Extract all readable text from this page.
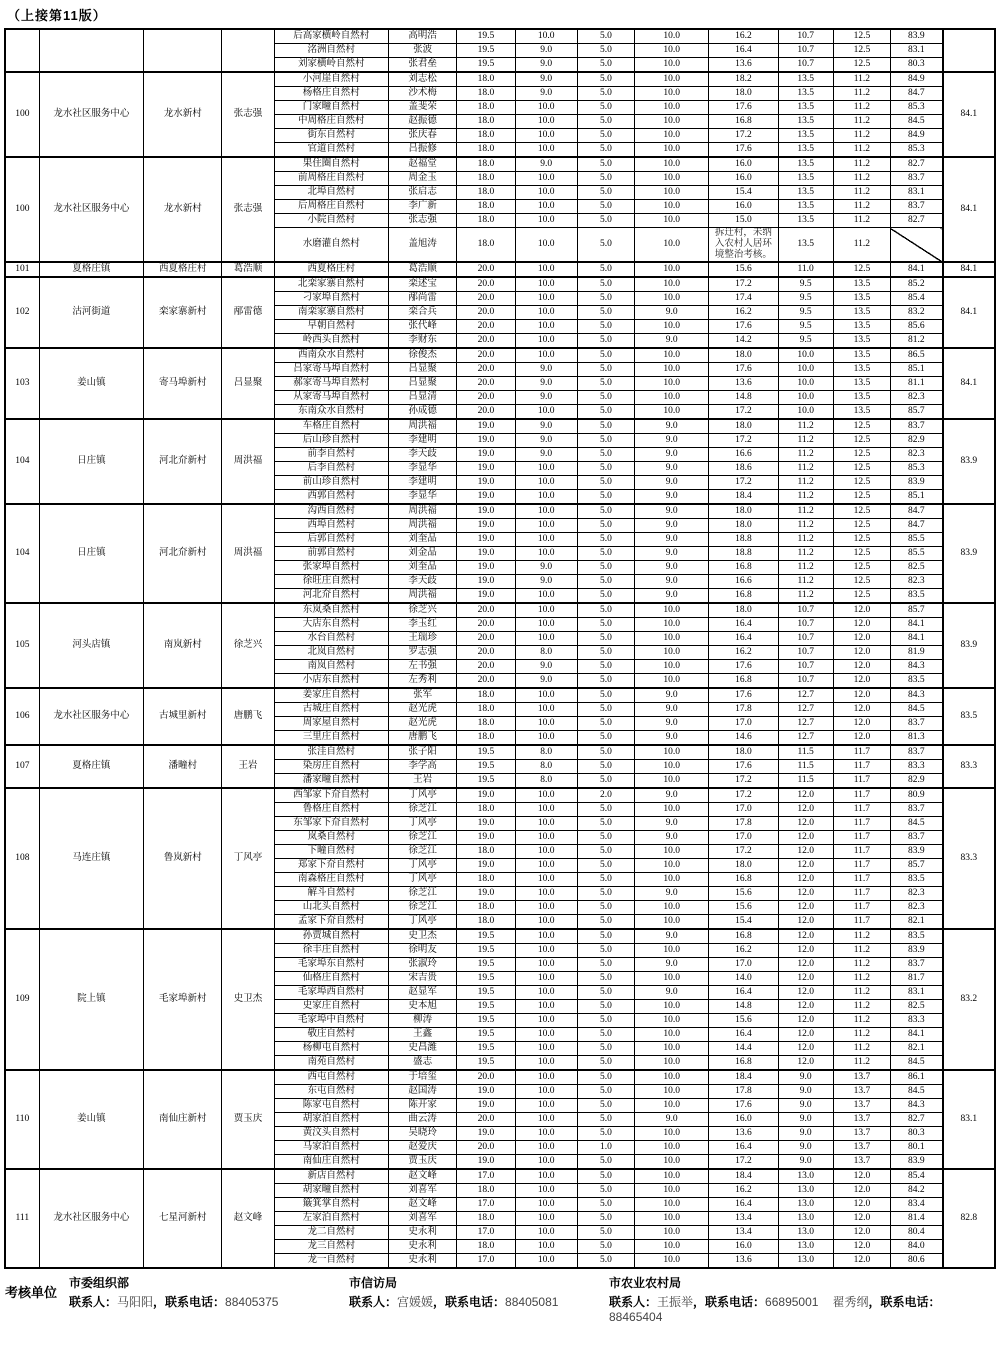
（上接第11版）
				后高家横岭自然村	高明浩	19.5	10.0	5.0	10.0	16.2	10.7	12.5	83.9	
				洺洲自然村	张波	19.5	9.0	5.0	10.0	16.4	10.7	12.5	83.1	
				刘家横岭自然村	张君垒	19.5	9.0	5.0	10.0	13.6	10.7	12.5	80.3	
100	龙水社区服务中心	龙水新村	张志强	小河崖自然村	刘志松	18.0	9.0	5.0	10.0	18.2	13.5	11.2	84.9	84.1
				杨格庄自然村	沙术梅	18.0	9.0	5.0	10.0	18.0	13.5	11.2	84.7	
				门家疃自然村	盖斐荣	18.0	10.0	5.0	10.0	17.6	13.5	11.2	85.3	
				中周格庄自然村	赵振德	18.0	10.0	5.0	10.0	16.8	13.5	11.2	84.5	
				街东自然村	张庆春	18.0	10.0	5.0	10.0	17.2	13.5	11.2	84.9	
				官道自然村	吕振修	18.0	10.0	5.0	10.0	17.6	13.5	11.2	85.3	
100	龙水社区服务中心	龙水新村	张志强	果住圈自然村	赵福堂	18.0	9.0	5.0	10.0	16.0	13.5	11.2	82.7	84.1
				前周格庄自然村	周金玉	18.0	10.0	5.0	10.0	16.0	13.5	11.2	83.7	
				北埠自然村	张启志	18.0	10.0	5.0	10.0	15.4	13.5	11.2	83.1	
				后周格庄自然村	李广新	18.0	10.0	5.0	10.0	16.0	13.5	11.2	83.7	
				小院自然村	张志强	18.0	10.0	5.0	10.0	15.0	13.5	11.2	82.7	
				水磨灌自然村	盖旭涛	18.0	10.0	5.0	10.0	拆迁村，未纳入农村人居环境整治考核。	13.5	11.2		
101	夏格庄镇	西夏格庄村	葛浩顺	西夏格庄村	葛浩顺	20.0	10.0	5.0	10.0	15.6	11.0	12.5	84.1	84.1
102	沽河街道	栾家寨新村	邴雷德	北栾家寨自然村	栾述宝	20.0	10.0	5.0	10.0	17.2	9.5	13.5	85.2	84.1
				刁家埠自然村	邴尚雷	20.0	10.0	5.0	10.0	17.4	9.5	13.5	85.4	
				南栾家寨自然村	栾合兵	20.0	10.0	5.0	9.0	16.2	9.5	13.5	83.2	
				早朝自然村	张代峰	20.0	10.0	5.0	10.0	17.6	9.5	13.5	85.6	
				岭西头自然村	李财东	20.0	10.0	5.0	9.0	14.2	9.5	13.5	81.2	
103	姜山镇	寄马埠新村	吕显聚	西南众水自然村	徐俊杰	20.0	10.0	5.0	10.0	18.0	10.0	13.5	86.5	84.1
				吕家寄马埠自然村	吕显聚	20.0	9.0	5.0	10.0	17.6	10.0	13.5	85.1	
				郝家寄马埠自然村	吕显聚	20.0	9.0	5.0	10.0	13.6	10.0	13.5	81.1	
				从家寄马埠自然村	吕显清	20.0	9.0	5.0	10.0	14.8	10.0	13.5	82.3	
				东南众水自然村	孙成德	20.0	10.0	5.0	10.0	17.2	10.0	13.5	85.7	
104	日庄镇	河北夼新村	周洪福	车格庄自然村	周洪福	19.0	9.0	5.0	9.0	18.0	11.2	12.5	83.7	83.9
				后山珍自然村	李建明	19.0	9.0	5.0	9.0	17.2	11.2	12.5	82.9	
				前李自然村	李天歧	19.0	9.0	5.0	9.0	16.6	11.2	12.5	82.3	
				后李自然村	李显华	19.0	10.0	5.0	9.0	18.6	11.2	12.5	85.3	
				前山珍自然村	李建明	19.0	10.0	5.0	9.0	17.2	11.2	12.5	83.9	
				西郭自然村	李显华	19.0	10.0	5.0	9.0	18.4	11.2	12.5	85.1	
104	日庄镇	河北夼新村	周洪福	沟西自然村	周洪福	19.0	10.0	5.0	9.0	18.0	11.2	12.5	84.7	83.9
				西埠自然村	周洪福	19.0	10.0	5.0	9.0	18.0	11.2	12.5	84.7	
				后郭自然村	刘奎品	19.0	10.0	5.0	9.0	18.8	11.2	12.5	85.5	
				前郭自然村	刘金品	19.0	10.0	5.0	9.0	18.8	11.2	12.5	85.5	
				张家埠自然村	刘奎品	19.0	9.0	5.0	9.0	16.8	11.2	12.5	82.5	
				徐旺庄自然村	李天歧	19.0	9.0	5.0	9.0	16.6	11.2	12.5	82.3	
				河北夼自然村	周洪福	19.0	10.0	5.0	9.0	16.8	11.2	12.5	83.5	
105	河头店镇	南岚新村	徐芝兴	东岚桑自然村	徐芝兴	20.0	10.0	5.0	10.0	18.0	10.7	12.0	85.7	83.9
				大店东自然村	李玉红	20.0	10.0	5.0	10.0	16.4	10.7	12.0	84.1	
				水台自然村	王瑞珍	20.0	10.0	5.0	10.0	16.4	10.7	12.0	84.1	
				北岚自然村	罗志强	20.0	8.0	5.0	10.0	16.2	10.7	12.0	81.9	
				南岚自然村	左书强	20.0	9.0	5.0	10.0	17.6	10.7	12.0	84.3	
				小店东自然村	左秀利	20.0	9.0	5.0	10.0	16.8	10.7	12.0	83.5	
106	龙水社区服务中心	古城里新村	唐鹏飞	姜家庄自然村	张军	18.0	10.0	5.0	9.0	17.6	12.7	12.0	84.3	83.5
				古城庄自然村	赵光虎	18.0	10.0	5.0	9.0	17.8	12.7	12.0	84.5	
				周家屋自然村	赵光虎	18.0	10.0	5.0	9.0	17.0	12.7	12.0	83.7	
				三里庄自然村	唐鹏飞	18.0	10.0	5.0	9.0	14.6	12.7	12.0	81.3	
107	夏格庄镇	潘疃村	王岩	张洼自然村	张子阳	19.5	8.0	5.0	10.0	18.0	11.5	11.7	83.7	83.3
				染房庄自然村	李学高	19.5	8.0	5.0	10.0	17.6	11.5	11.7	83.3	
				潘家疃自然村	王岩	19.5	8.0	5.0	10.0	17.2	11.5	11.7	82.9	
108	马连庄镇	鲁岚新村	丁风亭	西邹家下夼自然村	丁风亭	19.0	10.0	2.0	9.0	17.2	12.0	11.7	80.9	83.3
				鲁格庄自然村	徐芝江	18.0	10.0	5.0	10.0	17.0	12.0	11.7	83.7	
				东邹家下夼自然村	丁风亭	19.0	10.0	5.0	9.0	17.8	12.0	11.7	84.5	
				岚桑自然村	徐芝江	19.0	10.0	5.0	9.0	17.0	12.0	11.7	83.7	
				下疃自然村	徐芝江	18.0	10.0	5.0	10.0	17.2	12.0	11.7	83.9	
				郑家下夼自然村	丁风亭	19.0	10.0	5.0	10.0	18.0	12.0	11.7	85.7	
				南森格庄自然村	丁风亭	18.0	10.0	5.0	10.0	16.8	12.0	11.7	83.5	
				解斗自然村	徐芝江	19.0	10.0	5.0	9.0	15.6	12.0	11.7	82.3	
				山北头自然村	徐芝江	18.0	10.0	5.0	10.0	15.6	12.0	11.7	82.3	
				孟家下夼自然村	丁风亭	18.0	10.0	5.0	10.0	15.4	12.0	11.7	82.1	
109	院上镇	毛家埠新村	史卫杰	孙贾城自然村	史卫杰	19.5	10.0	5.0	9.0	16.8	12.0	11.2	83.5	83.2
				徐丰庄自然村	徐明友	19.5	10.0	5.0	10.0	16.2	12.0	11.2	83.9	
				毛家埠东自然村	张淑玲	19.5	10.0	5.0	9.0	17.0	12.0	11.2	83.7	
				仙格庄自然村	宋吉贵	19.5	10.0	5.0	10.0	14.0	12.0	11.2	81.7	
				毛家埠西自然村	赵显军	19.5	10.0	5.0	9.0	16.4	12.0	11.2	83.1	
				史家庄自然村	史本旭	19.5	10.0	5.0	10.0	14.8	12.0	11.2	82.5	
				毛家埠中自然村	柳涛	19.5	10.0	5.0	10.0	15.6	12.0	11.2	83.3	
				敬庄自然村	王鑫	19.5	10.0	5.0	10.0	16.4	12.0	11.2	84.1	
				杨柳屯自然村	史昌潍	19.5	10.0	5.0	10.0	14.4	12.0	11.2	82.1	
				南苑自然村	盛志	19.5	10.0	5.0	10.0	16.8	12.0	11.2	84.5	
110	姜山镇	南仙庄新村	贾玉庆	西屯自然村	于培玺	20.0	10.0	5.0	10.0	18.4	9.0	13.7	86.1	83.1
				东屯自然村	赵国涛	19.0	10.0	5.0	10.0	17.8	9.0	13.7	84.5	
				陈家屯自然村	陈开家	19.0	10.0	5.0	10.0	17.6	9.0	13.7	84.3	
				胡家泊自然村	曲云涛	20.0	10.0	5.0	9.0	16.0	9.0	13.7	82.7	
				黄汶头自然村	吴晓玲	19.0	10.0	5.0	10.0	13.6	9.0	13.7	80.3	
				马家泊自然村	赵爱庆	20.0	10.0	1.0	10.0	16.4	9.0	13.7	80.1	
				南仙庄自然村	贾玉庆	19.0	10.0	5.0	10.0	17.2	9.0	13.7	83.9	
111	龙水社区服务中心	七星河新村	赵文峰	新店自然村	赵文峰	17.0	10.0	5.0	10.0	18.4	13.0	12.0	85.4	82.8
				胡家疃自然村	刘喜军	18.0	10.0	5.0	10.0	16.2	13.0	12.0	84.2	
				簸箕掌自然村	赵文峰	17.0	10.0	5.0	10.0	16.4	13.0	12.0	83.4	
				左家泊自然村	刘喜军	18.0	10.0	5.0	10.0	13.4	13.0	12.0	81.4	
				龙二自然村	史永利	17.0	10.0	5.0	10.0	13.4	13.0	12.0	80.4	
				龙三自然村	史永利	18.0	10.0	5.0	10.0	16.0	13.0	12.0	84.0	
				龙一自然村	史永利	17.0	10.0	5.0	10.0	13.6	13.0	12.0	80.6	
考核单位
市委组织部
联系人：马阳阳，联系电话：88405375
市信访局
联系人：宫媛媛，联系电话：88405081
市农业农村局
联系人：王振举，联系电话：66895001 翟秀纲，联系电话：88465404
